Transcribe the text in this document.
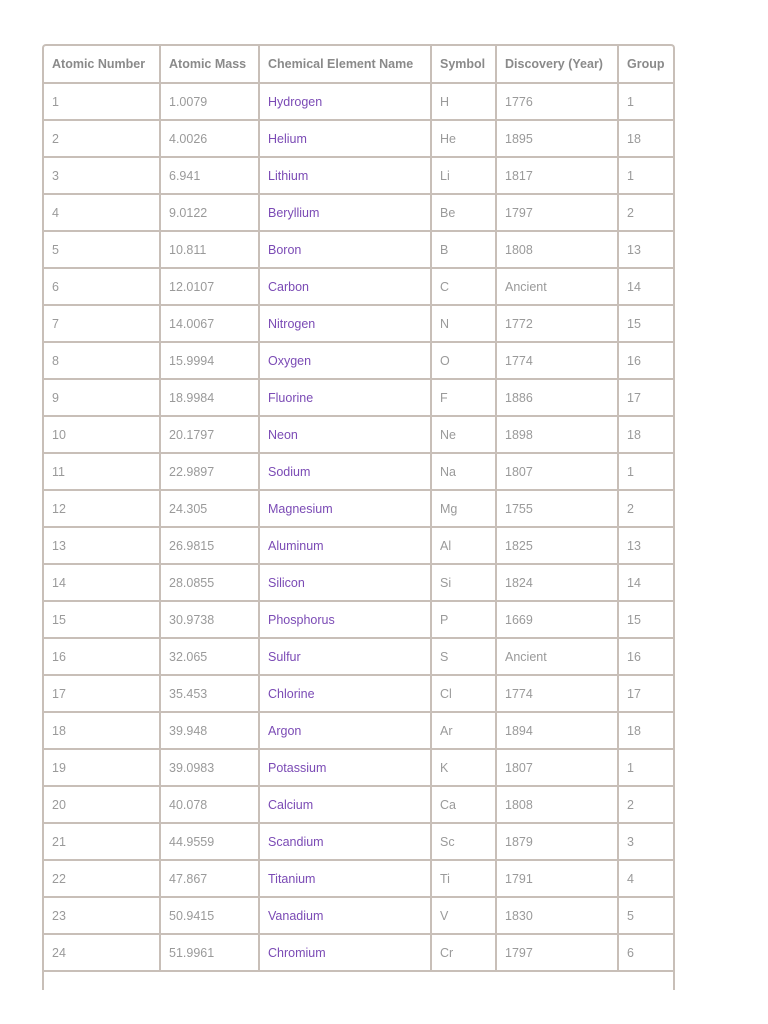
Atomic Number	Atomic Mass	Chemical Element Name	Symbol	Discovery (Year)	Group
1	1.0079	Hydrogen	H	1776	1
2	4.0026	Helium	He	1895	18
3	6.941	Lithium	Li	1817	1
4	9.0122	Beryllium	Be	1797	2
5	10.811	Boron	B	1808	13
6	12.0107	Carbon	C	Ancient	14
7	14.0067	Nitrogen	N	1772	15
8	15.9994	Oxygen	O	1774	16
9	18.9984	Fluorine	F	1886	17
10	20.1797	Neon	Ne	1898	18
11	22.9897	Sodium	Na	1807	1
12	24.305	Magnesium	Mg	1755	2
13	26.9815	Aluminum	Al	1825	13
14	28.0855	Silicon	Si	1824	14
15	30.9738	Phosphorus	P	1669	15
16	32.065	Sulfur	S	Ancient	16
17	35.453	Chlorine	Cl	1774	17
18	39.948	Argon	Ar	1894	18
19	39.0983	Potassium	K	1807	1
20	40.078	Calcium	Ca	1808	2
21	44.9559	Scandium	Sc	1879	3
22	47.867	Titanium	Ti	1791	4
23	50.9415	Vanadium	V	1830	5
24	51.9961	Chromium	Cr	1797	6
